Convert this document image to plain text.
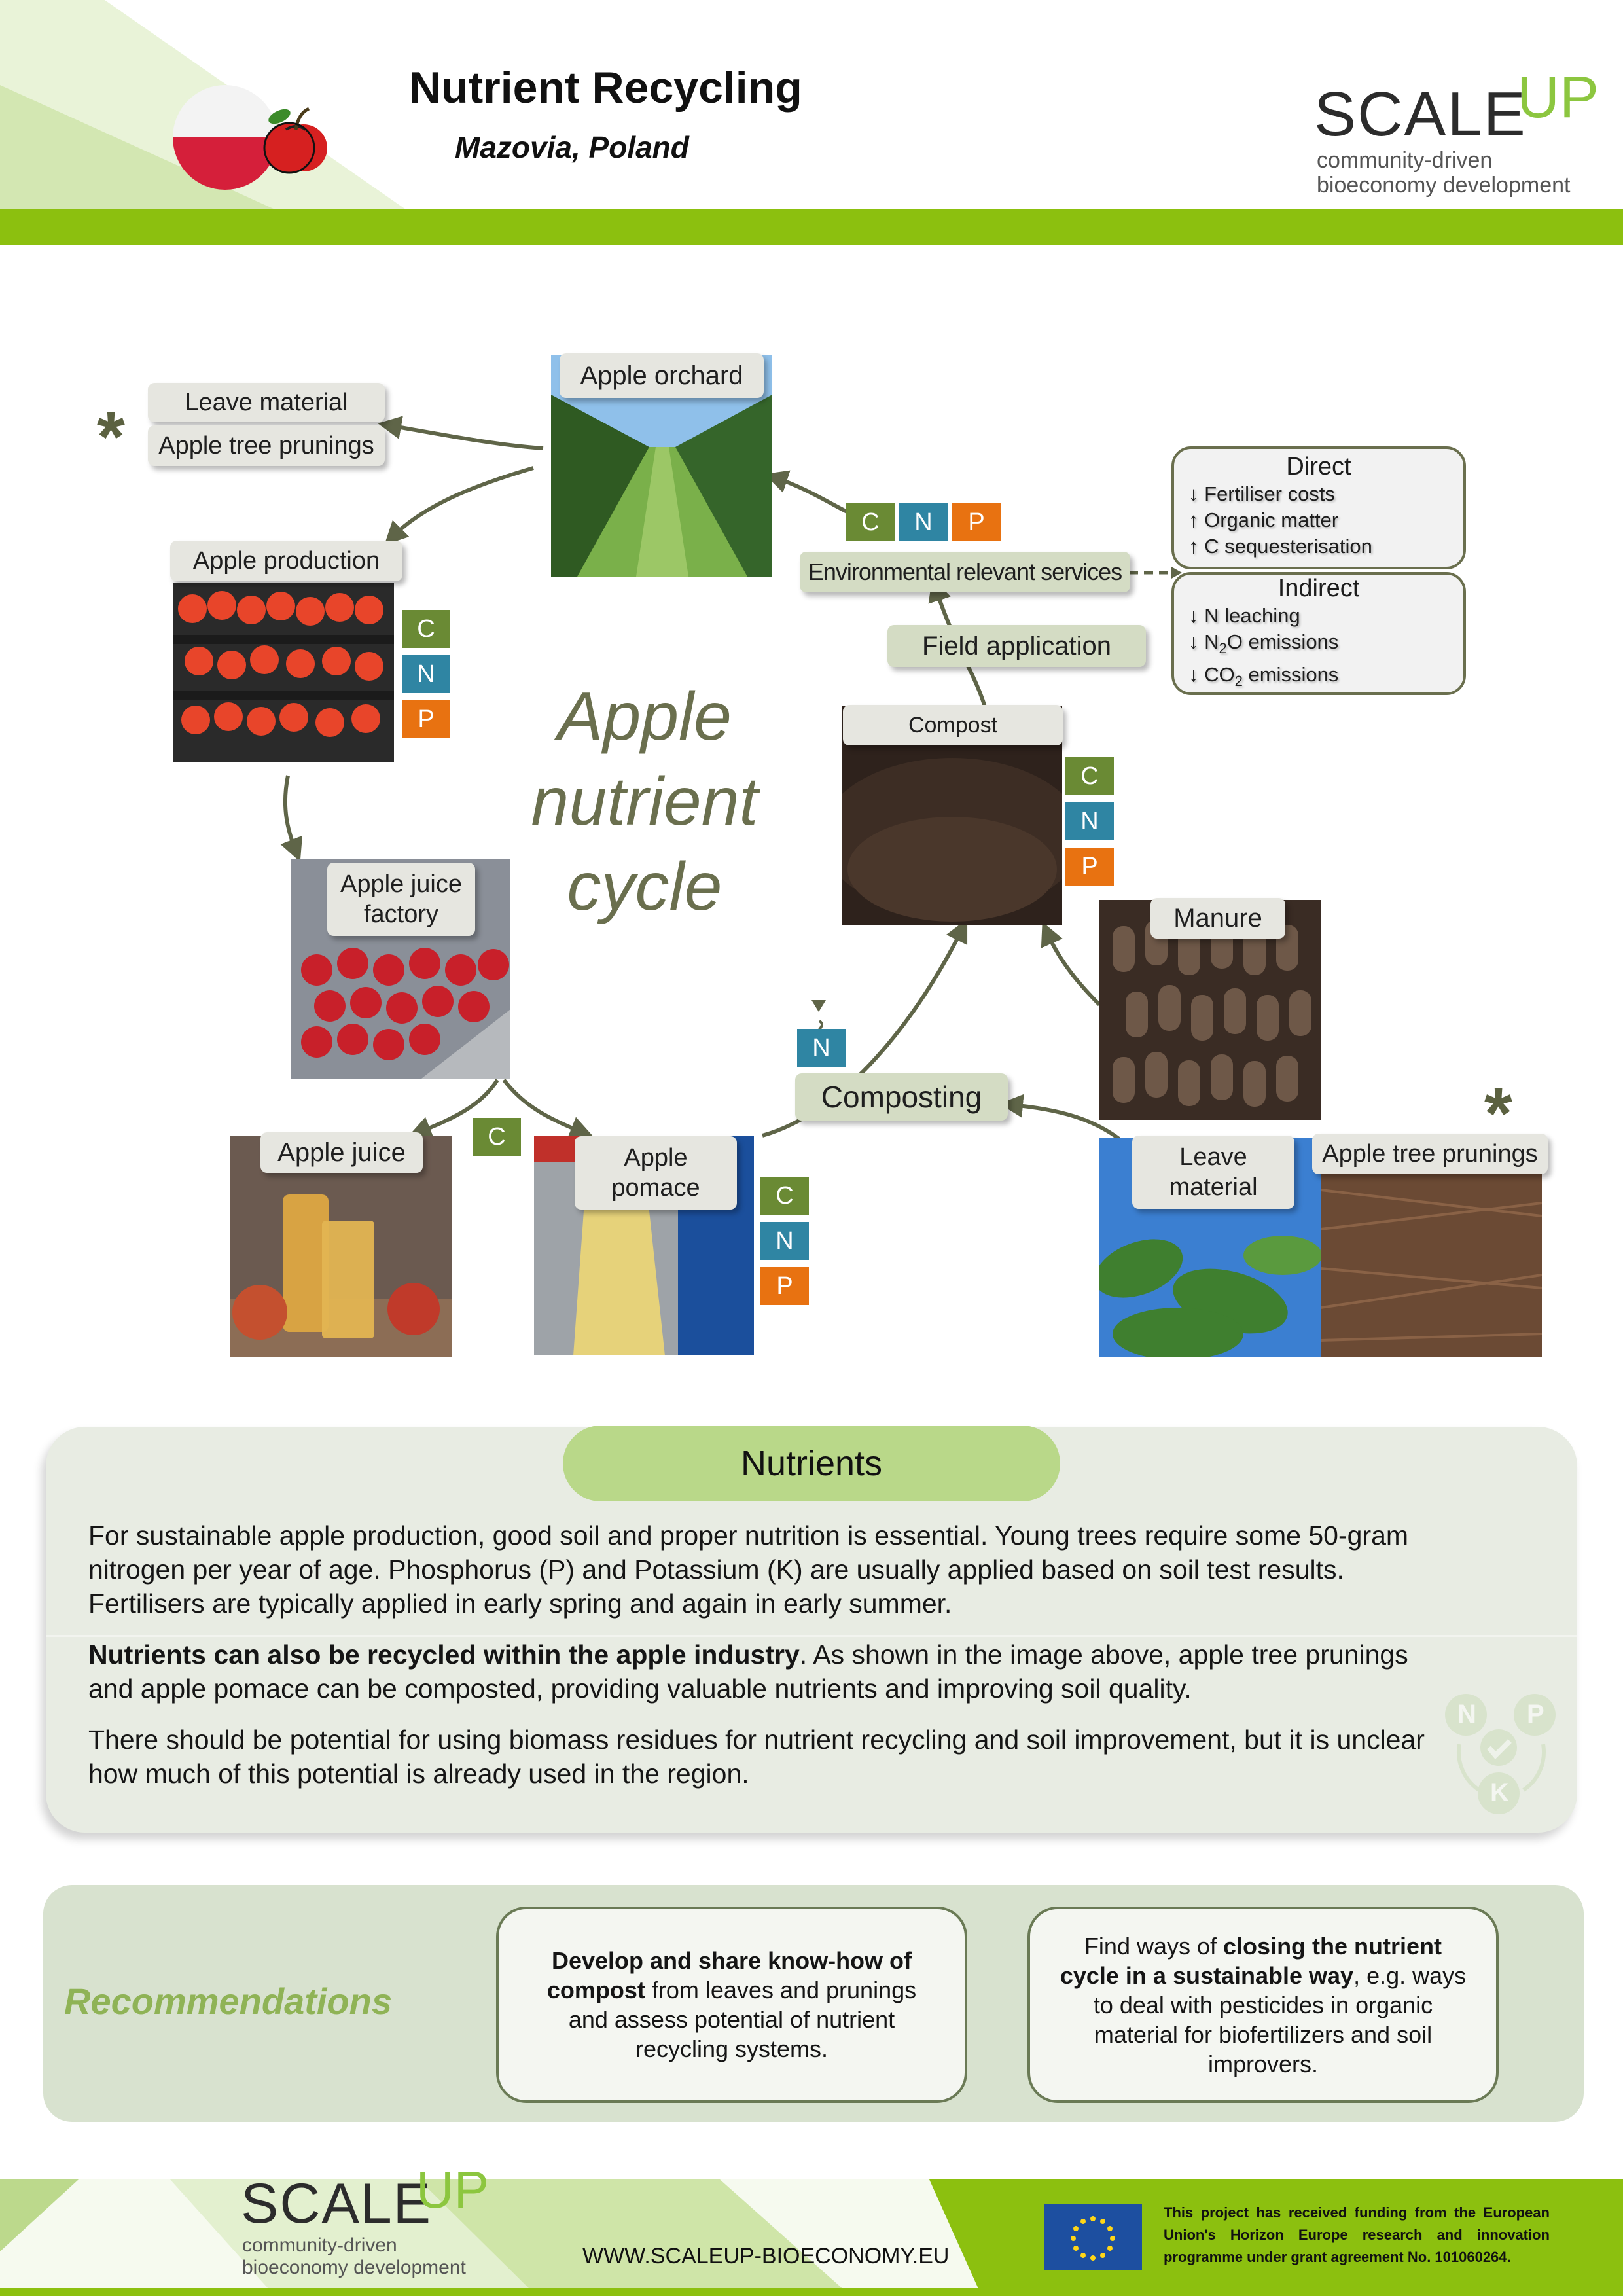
Nutrient Recycling
Mazovia, Poland	SCALE
UP
community-driven
bioeconomy development
Apple orchard
*	Leave material
Apple tree prunings
Apple production
C
N
P	Apple
nutrient
cycle
Apple juice
factory
Apple juice
C
Apple
pomace	C
N
P
N
Composting
Compost
C
N
P
Manure
Leave
material
Apple tree prunings
*
C	N	P
Environmental relevant services
Field application
Direct
↓ Fertiliser costs
↑ Organic matter
↑ C sequesterisation
Indirect
↓ N leaching
↓ $N_2O$ emissions
↓ $CO_2$ emissions
Nutrients
For sustainable apple production, good soil and proper nutrition is essential. Young trees require some 50-gram nitrogen per year of age. Phosphorus (P) and Potassium (K) are usually applied based on soil test results. Fertilisers are typically applied in early spring and again in early summer.
Nutrients can also be recycled within the apple industry. As shown in the image above, apple tree prunings and apple pomace can be composted, providing valuable nutrients and improving soil quality.
There should be potential for using biomass residues for nutrient recycling and soil improvement, but it is unclear how much of this potential is already used in the region.
N P
K
Recommendations
Develop and share know-how of compost from leaves and prunings and assess potential of nutrient recycling systems.
Find ways of closing the nutrient cycle in a sustainable way, e.g. ways to deal with pesticides in organic material for biofertilizers and soil improvers.
SCALE
UP
community-driven
bioeconomy development	WWW.SCALEUP-BIOECONOMY.EU
This project has received funding from the European Union's Horizon Europe research and innovation programme under grant agreement No. 101060264.
